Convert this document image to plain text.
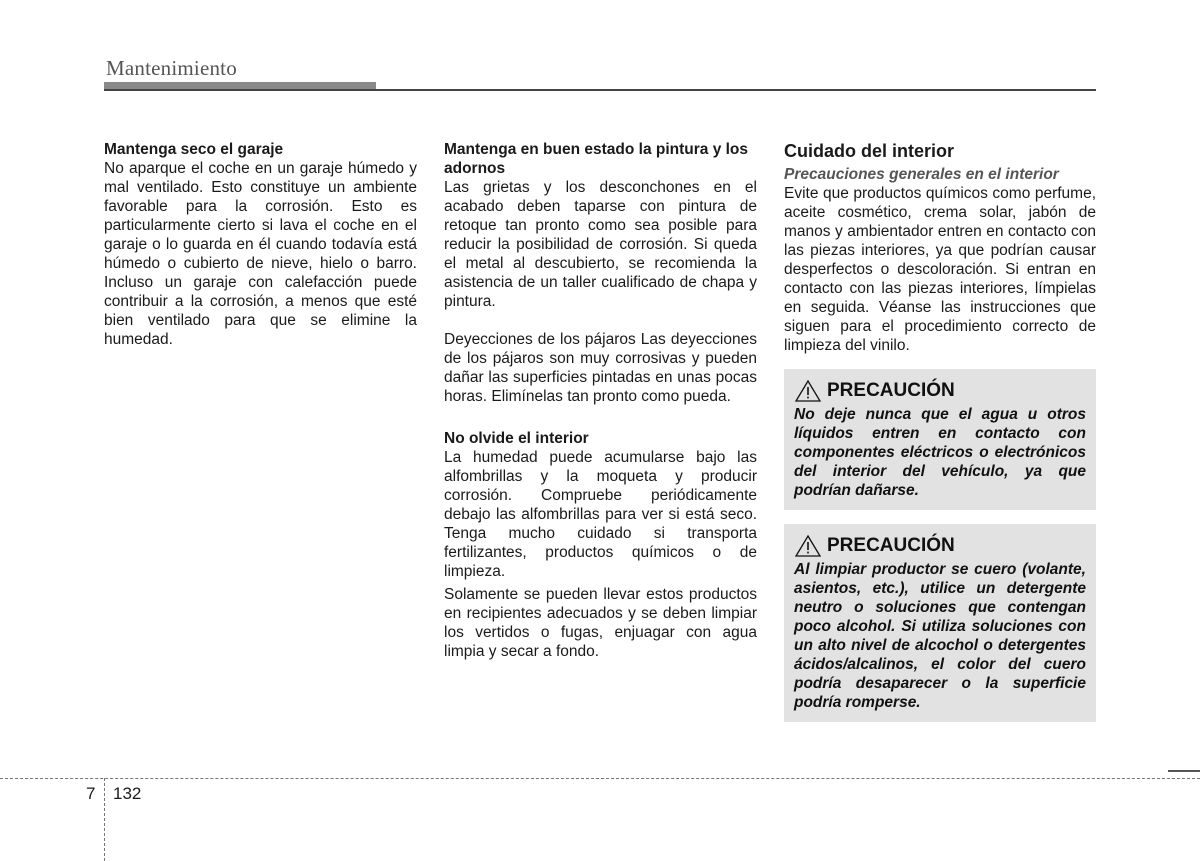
Mantenimiento

Mantenga seco el garaje

No aparque el coche en un garaje húmedo y mal ventilado. Esto constituye un ambiente favorable para la corrosión. Esto es particularmente cierto si lava el coche en el garaje o lo guarda en él cuando todavía está húmedo o cubierto de nieve, hielo o barro. Incluso un garaje con calefacción puede contribuir a la corrosión, a menos que esté bien ventilado para que se elimine la humedad.

Mantenga en buen estado la pintura y los adornos

Las grietas y los desconchones en el acabado deben taparse con pintura de retoque tan pronto como sea posible para reducir la posibilidad de corrosión. Si queda el metal al descubierto, se recomienda la asistencia de un taller cualificado de chapa y pintura.

Deyecciones de los pájaros Las deyecciones de los pájaros son muy corrosivas y pueden dañar las superficies pintadas en unas pocas horas. Elimínelas tan pronto como pueda.

No olvide el interior

La humedad puede acumularse bajo las alfombrillas y la moqueta y producir corrosión. Compruebe periódicamente debajo las alfombrillas para ver si está seco. Tenga mucho cuidado si transporta fertilizantes, productos químicos o de limpieza.

Solamente se pueden llevar estos productos en recipientes adecuados y se deben limpiar los vertidos o fugas, enjuagar con agua limpia y secar a fondo.

Cuidado del interior

Precauciones generales en el interior

Evite que productos químicos como perfume, aceite cosmético, crema solar, jabón de manos y ambientador entren en contacto con las piezas interiores, ya que podrían causar desperfectos o descoloración. Si entran en contacto con las piezas interiores, límpielas en seguida. Véanse las instrucciones que siguen para el procedimiento correcto de limpieza del vinilo.

PRECAUCIÓN

No deje nunca que el agua u otros líquidos entren en contacto con componentes eléctricos o electrónicos del interior del vehículo, ya que podrían dañarse.

PRECAUCIÓN

Al limpiar productor se cuero (volante, asientos, etc.), utilice un detergente neutro o soluciones que contengan poco alcohol. Si utiliza soluciones con un alto nivel de alcochol o detergentes ácidos/alcalinos, el color del cuero podría desaparecer o la superficie podría romperse.

7 132
